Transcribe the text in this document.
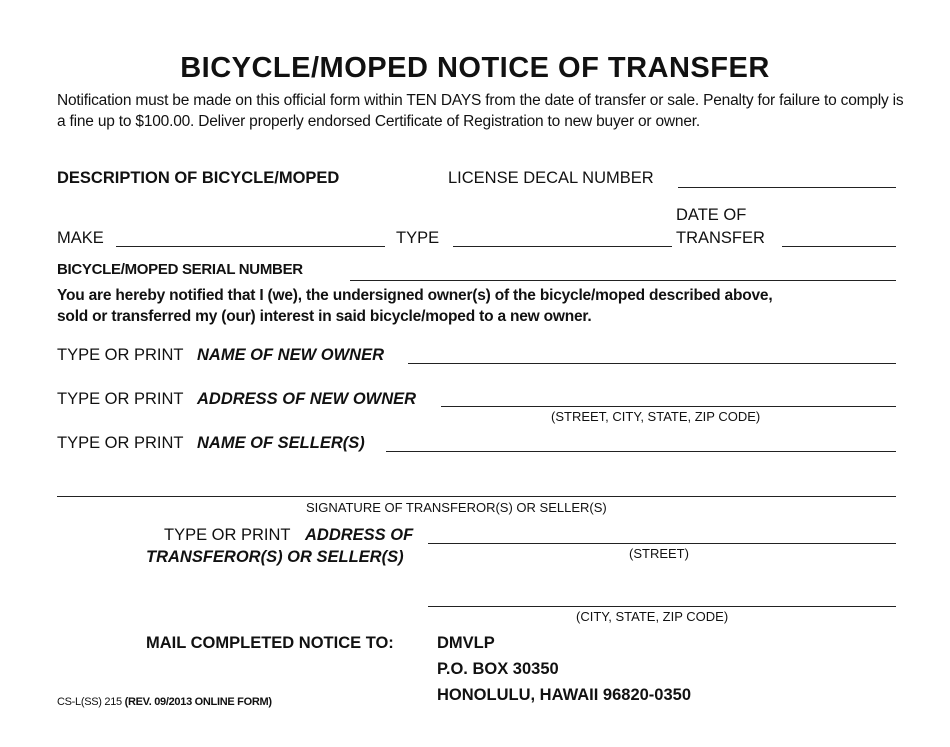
BICYCLE/MOPED NOTICE OF TRANSFER
Notification must be made on this official form within TEN DAYS from the date of transfer or sale. Penalty for failure to comply is a fine up to $100.00. Deliver properly endorsed Certificate of Registration to new buyer or owner.
DESCRIPTION OF BICYCLE/MOPED	LICENSE DECAL NUMBER
MAKE	TYPE
DATE OF
TRANSFER
BICYCLE/MOPED SERIAL NUMBER
You are hereby notified that I (we), the undersigned owner(s) of the bicycle/moped described above,
sold or transferred my (our) interest in said bicycle/moped to a new owner.
TYPE OR PRINT NAME OF NEW OWNER
TYPE OR PRINT ADDRESS OF NEW OWNER
(STREET, CITY, STATE, ZIP CODE)
TYPE OR PRINT NAME OF SELLER(S)
SIGNATURE OF TRANSFEROR(S) OR SELLER(S)
TYPE OR PRINT ADDRESS OF
TRANSFEROR(S) OR SELLER(S)	(STREET)
(CITY, STATE, ZIP CODE)
MAIL COMPLETED NOTICE TO:	DMVLP
P.O. BOX 30350
HONOLULU, HAWAII 96820-0350
CS-L(SS) 215 (REV. 09/2013 ONLINE FORM)
